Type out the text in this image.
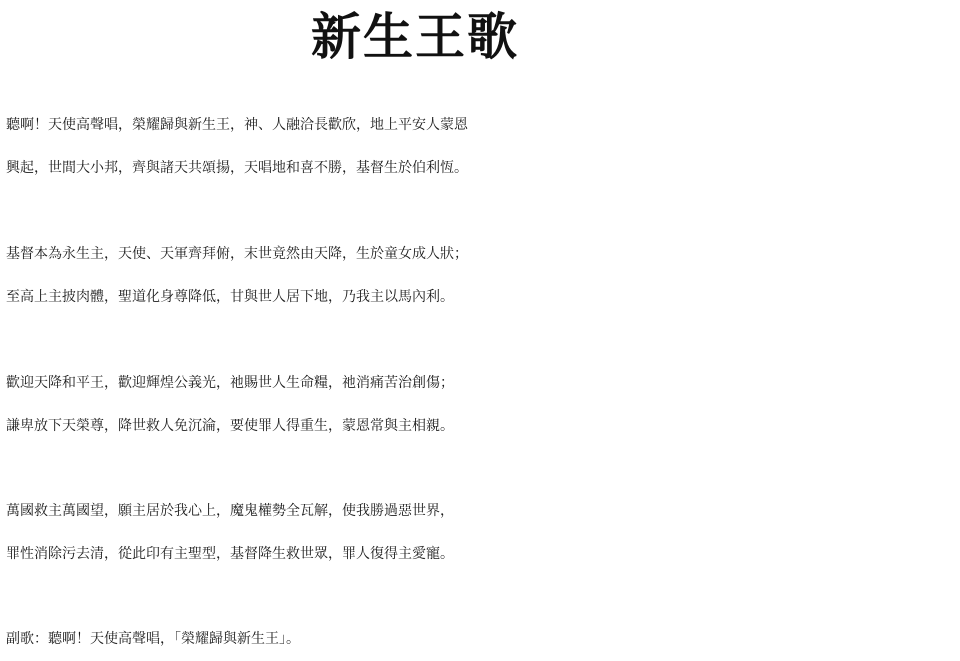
新生王歌
聽啊！天使高聲唱，榮耀歸與新生王，神、人融洽長歡欣，地上平安人蒙恩
興起，世間大小邦，齊與諸天共頌揚，天唱地和喜不勝，基督生於伯利恆。
基督本為永生主，天使、天軍齊拜俯，末世竟然由天降，生於童女成人狀；
至高上主披肉體，聖道化身尊降低，甘與世人居下地，乃我主以馬內利。
歡迎天降和平王，歡迎輝煌公義光，祂賜世人生命糧，祂消痛苦治創傷；
謙卑放下天榮尊，降世救人免沉淪，要使罪人得重生，蒙恩常與主相親。
萬國救主萬國望，願主居於我心上，魔鬼權勢全瓦解，使我勝過惡世界，
罪性消除污去清，從此印有主聖型，基督降生救世眾，罪人復得主愛寵。
副歌：聽啊！天使高聲唱，「榮耀歸與新生王」。
